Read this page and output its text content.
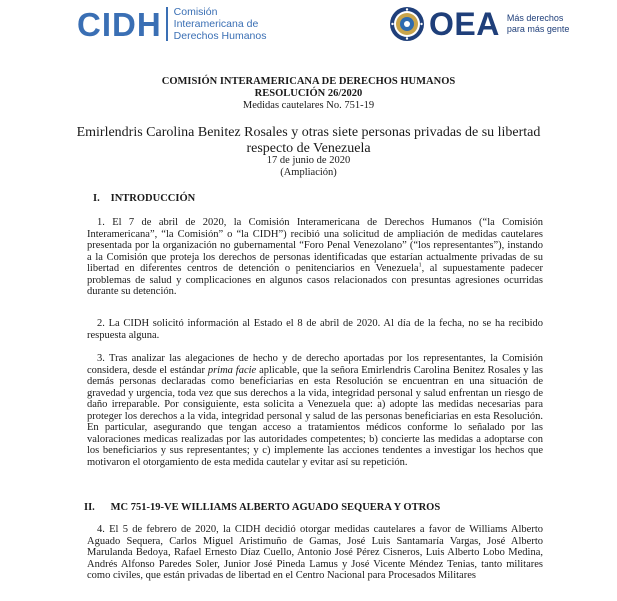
CIDH Comisión
Interamericana de
Derechos Humanos	OEA Más derechos
para más gente
COMISIÓN INTERAMERICANA DE DERECHOS HUMANOS
RESOLUCIÓN 26/2020
Medidas cautelares No. 751-19
Emirlendris Carolina Benitez Rosales y otras siete personas privadas de su libertad
respecto de Venezuela
17 de junio de 2020
(Ampliación)
I. INTRODUCCIÓN

1. El 7 de abril de 2020, la Comisión Interamericana de Derechos Humanos (“la Comisión Interamericana”, “la Comisión” o “la CIDH”) recibió una solicitud de ampliación de medidas cautelares presentada por la organización no gubernamental “Foro Penal Venezolano” (“los representantes”), instando a la Comisión que proteja los derechos de personas identificadas que estarían actualmente privadas de su libertad en diferentes centros de detención o penitenciarios en Venezuela$^1$, al supuestamente padecer problemas de salud y complicaciones en algunos casos relacionados con presuntas agresiones ocurridas durante su detención.

2. La CIDH solicitó información al Estado el 8 de abril de 2020. Al día de la fecha, no se ha recibido respuesta alguna.

3. Tras analizar las alegaciones de hecho y de derecho aportadas por los representantes, la Comisión considera, desde el estándar prima facie aplicable, que la señora Emirlendris Carolina Benitez Rosales y las demás personas declaradas como beneficiarias en esta Resolución se encuentran en una situación de gravedad y urgencia, toda vez que sus derechos a la vida, integridad personal y salud enfrentan un riesgo de daño irreparable. Por consiguiente, esta solicita a Venezuela que: a) adopte las medidas necesarias para proteger los derechos a la vida, integridad personal y salud de las personas beneficiarias en esta Resolución. En particular, asegurando que tengan acceso a tratamientos médicos conforme lo señalado por las valoraciones medicas realizadas por las autoridades competentes; b) concierte las medidas a adoptarse con los beneficiarios y sus representantes; y c) implemente las acciones tendentes a investigar los hechos que motivaron el otorgamiento de esta medida cautelar y evitar así su repetición.

II. MC 751-19-VE WILLIAMS ALBERTO AGUADO SEQUERA Y OTROS

4. El 5 de febrero de 2020, la CIDH decidió otorgar medidas cautelares a favor de Williams Alberto Aguado Sequera, Carlos Miguel Aristimuño de Gamas, José Luis Santamaría Vargas, José Alberto Marulanda Bedoya, Rafael Ernesto Díaz Cuello, Antonio José Pérez Cisneros, Luis Alberto Lobo Medina, Andrés Alfonso Paredes Soler, Junior José Pineda Lamus y José Vicente Méndez Tenias, tanto militares como civiles, que están privadas de libertad en el Centro Nacional para Procesados Militares
